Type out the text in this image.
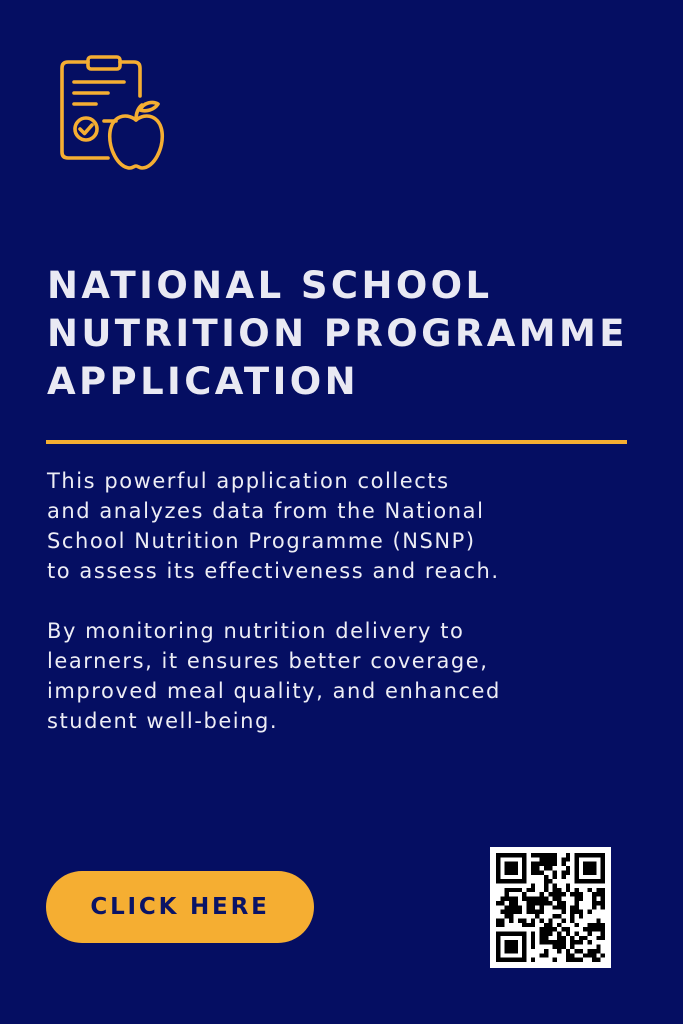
NATIONAL SCHOOL
NUTRITION PROGRAMME
APPLICATION

This powerful application collects
and analyzes data from the National
School Nutrition Programme (NSNP)
to assess its effectiveness and reach.

By monitoring nutrition delivery to
learners, it ensures better coverage,
improved meal quality, and enhanced
student well-being.

CLICK HERE
